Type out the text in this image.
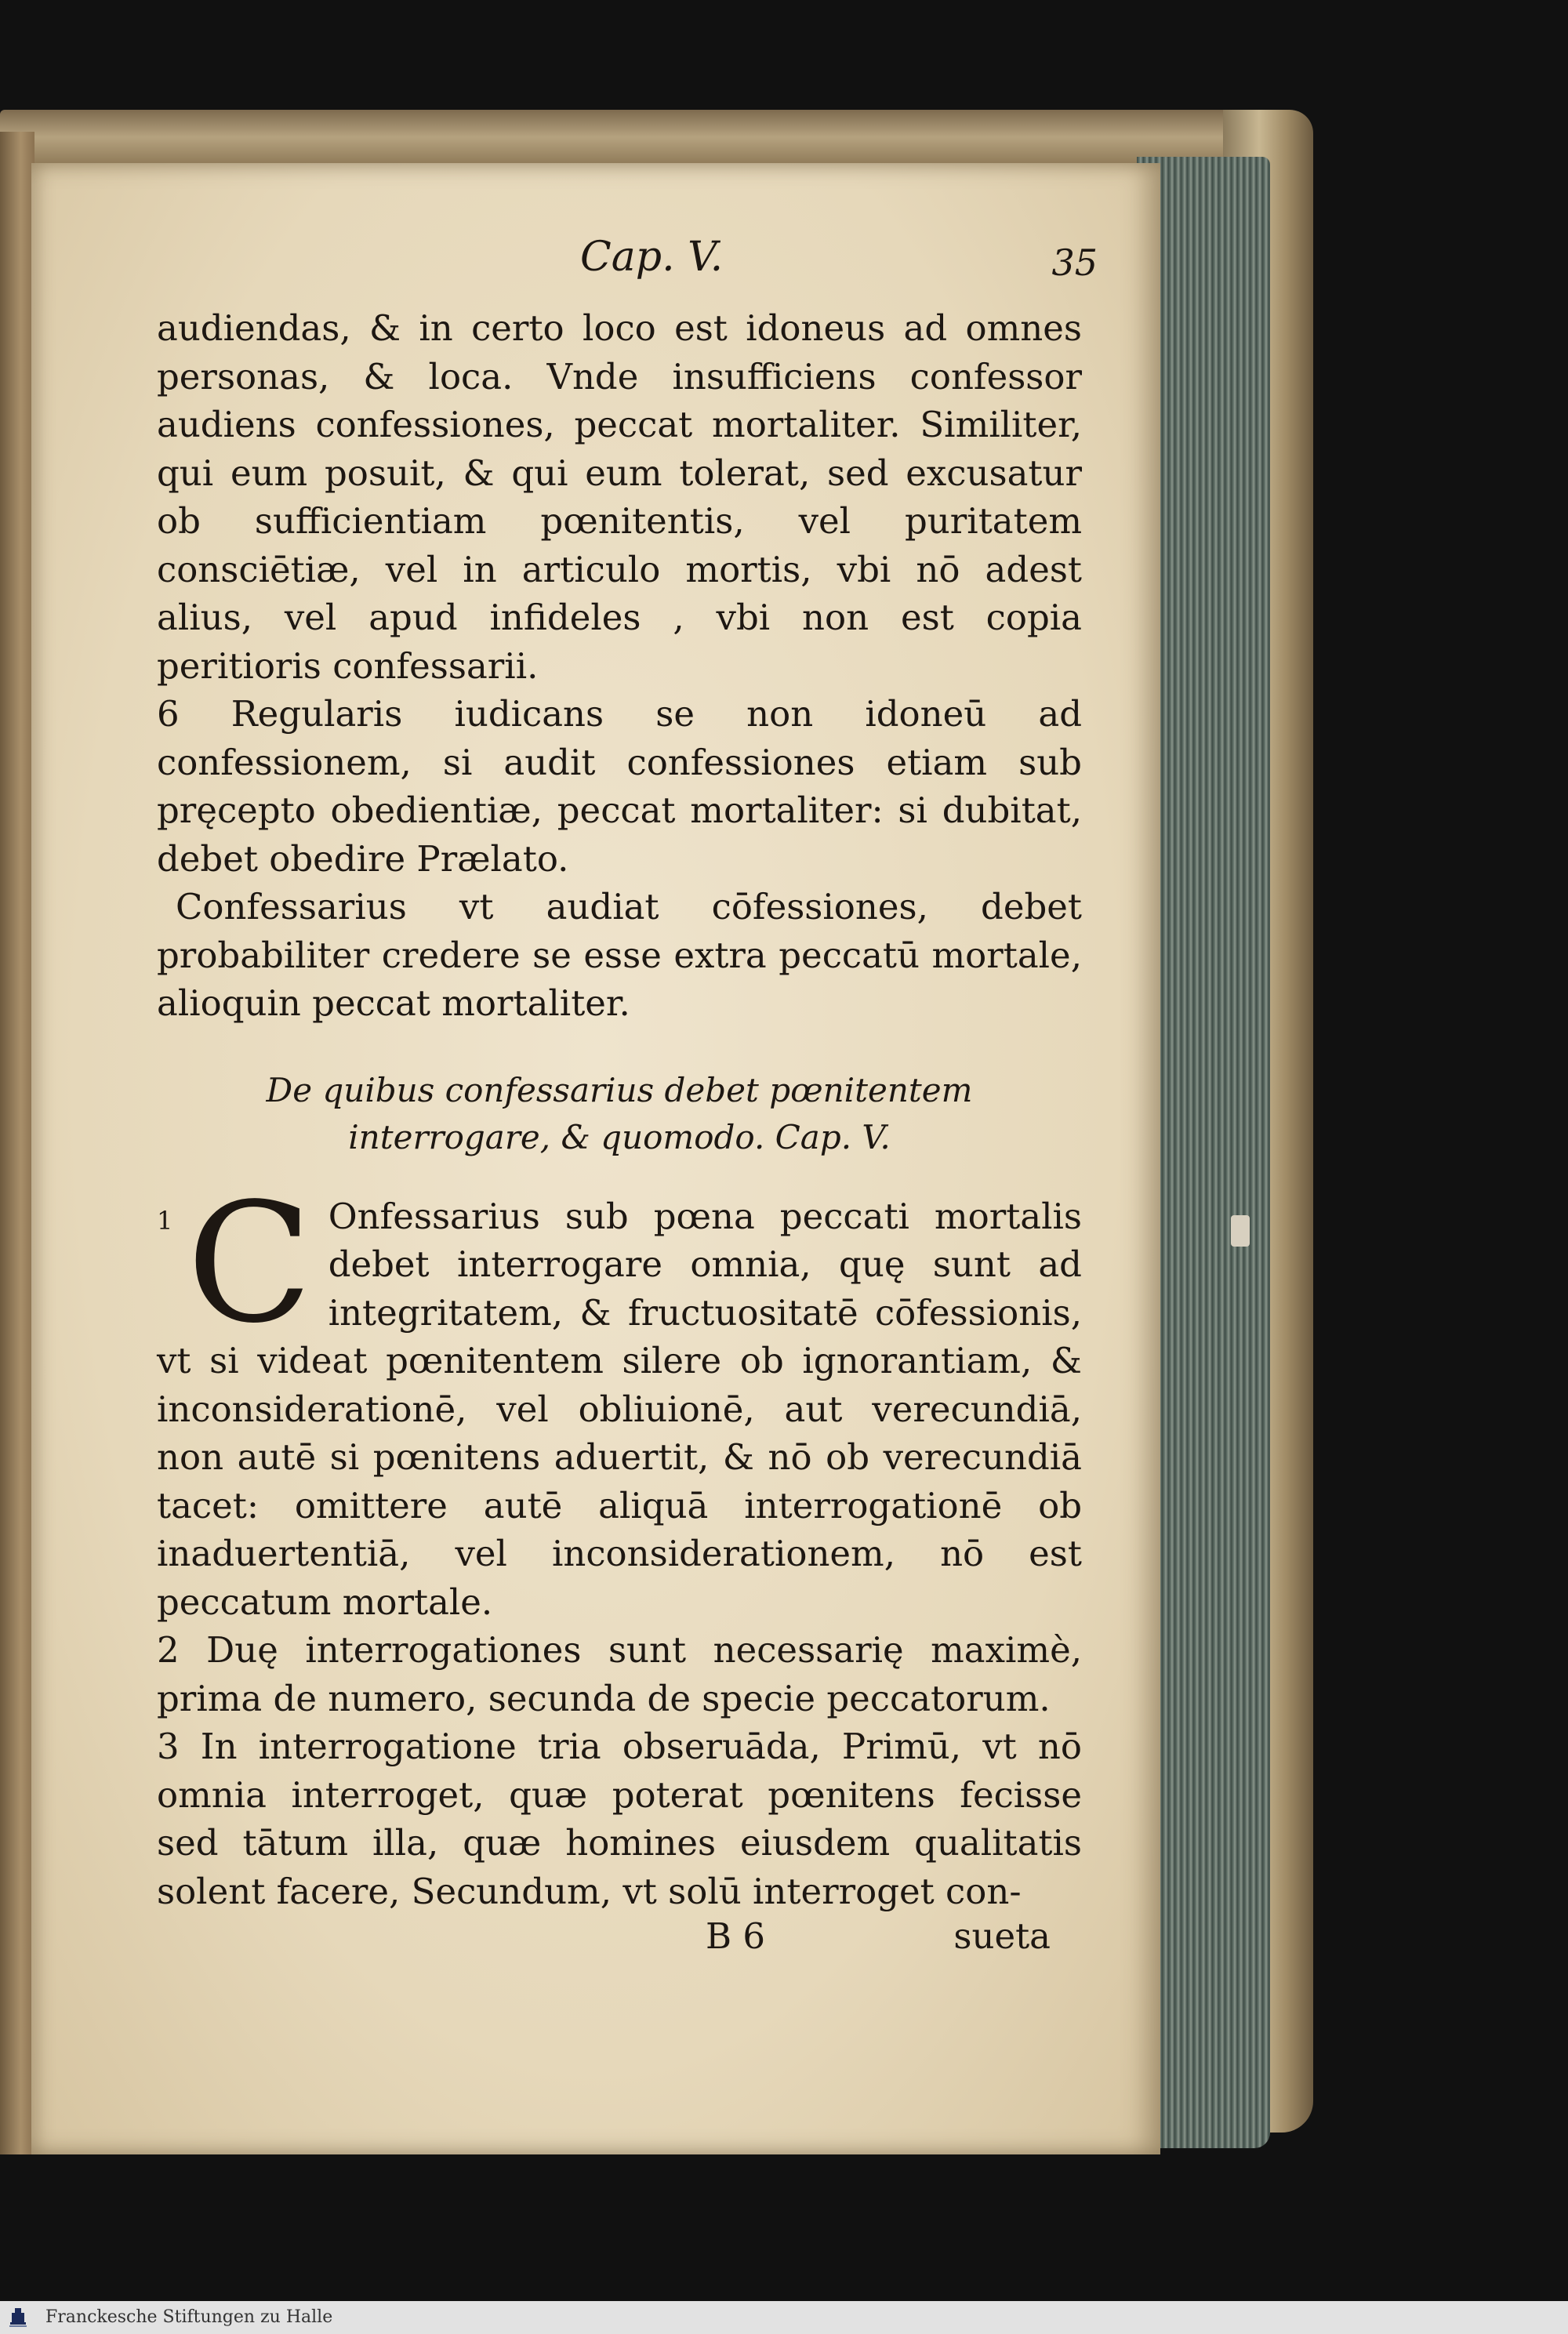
Cap. V.	35

audiendas, & in certo loco est idoneus ad omnes personas, & loca. Vnde insufficiens confessor audiens confessiones, peccat mortaliter. Similiter, qui eum posuit, & qui eum tolerat, sed excusatur ob sufficientiam pœnitentis, vel puritatem consciētiæ, vel in articulo mortis, vbi nō adest alius, vel apud infideles , vbi non est copia peritioris confessarii.

6 Regularis iudicans se non idoneū ad confessionem, si audit confessiones etiam sub pręcepto obedientiæ, peccat mortaliter: si dubitat, debet obedire Prælato.

Confessarius vt audiat cōfessiones, debet probabiliter credere se esse extra peccatū mortale, alioquin peccat mortaliter.

De quibus confessarius debet pœnitentem
interrogare, & quomodo. Cap. V.
1 C Onfessarius sub pœna peccati mortalis debet interrogare omnia, quę sunt ad integritatem, & fructuositatē cōfessionis, vt si videat pœnitentem silere ob ignorantiam, & inconsiderationē, vel obliuionē, aut verecundiā, non autē si pœnitens aduertit, & nō ob verecundiā tacet: omittere autē aliquā interrogationē ob inaduertentiā, vel inconsiderationem, nō est peccatum mortale.

2 Duę interrogationes sunt necessarię maximè, prima de numero, secunda de specie peccatorum.

3 In interrogatione tria obseruāda, Primū, vt nō omnia interroget, quæ poterat pœnitens fecisse sed tātum illa, quæ homines eiusdem qualitatis solent facere, Secundum, vt solū interroget con-

B 6	sueta
Franckesche Stiftungen zu Halle
